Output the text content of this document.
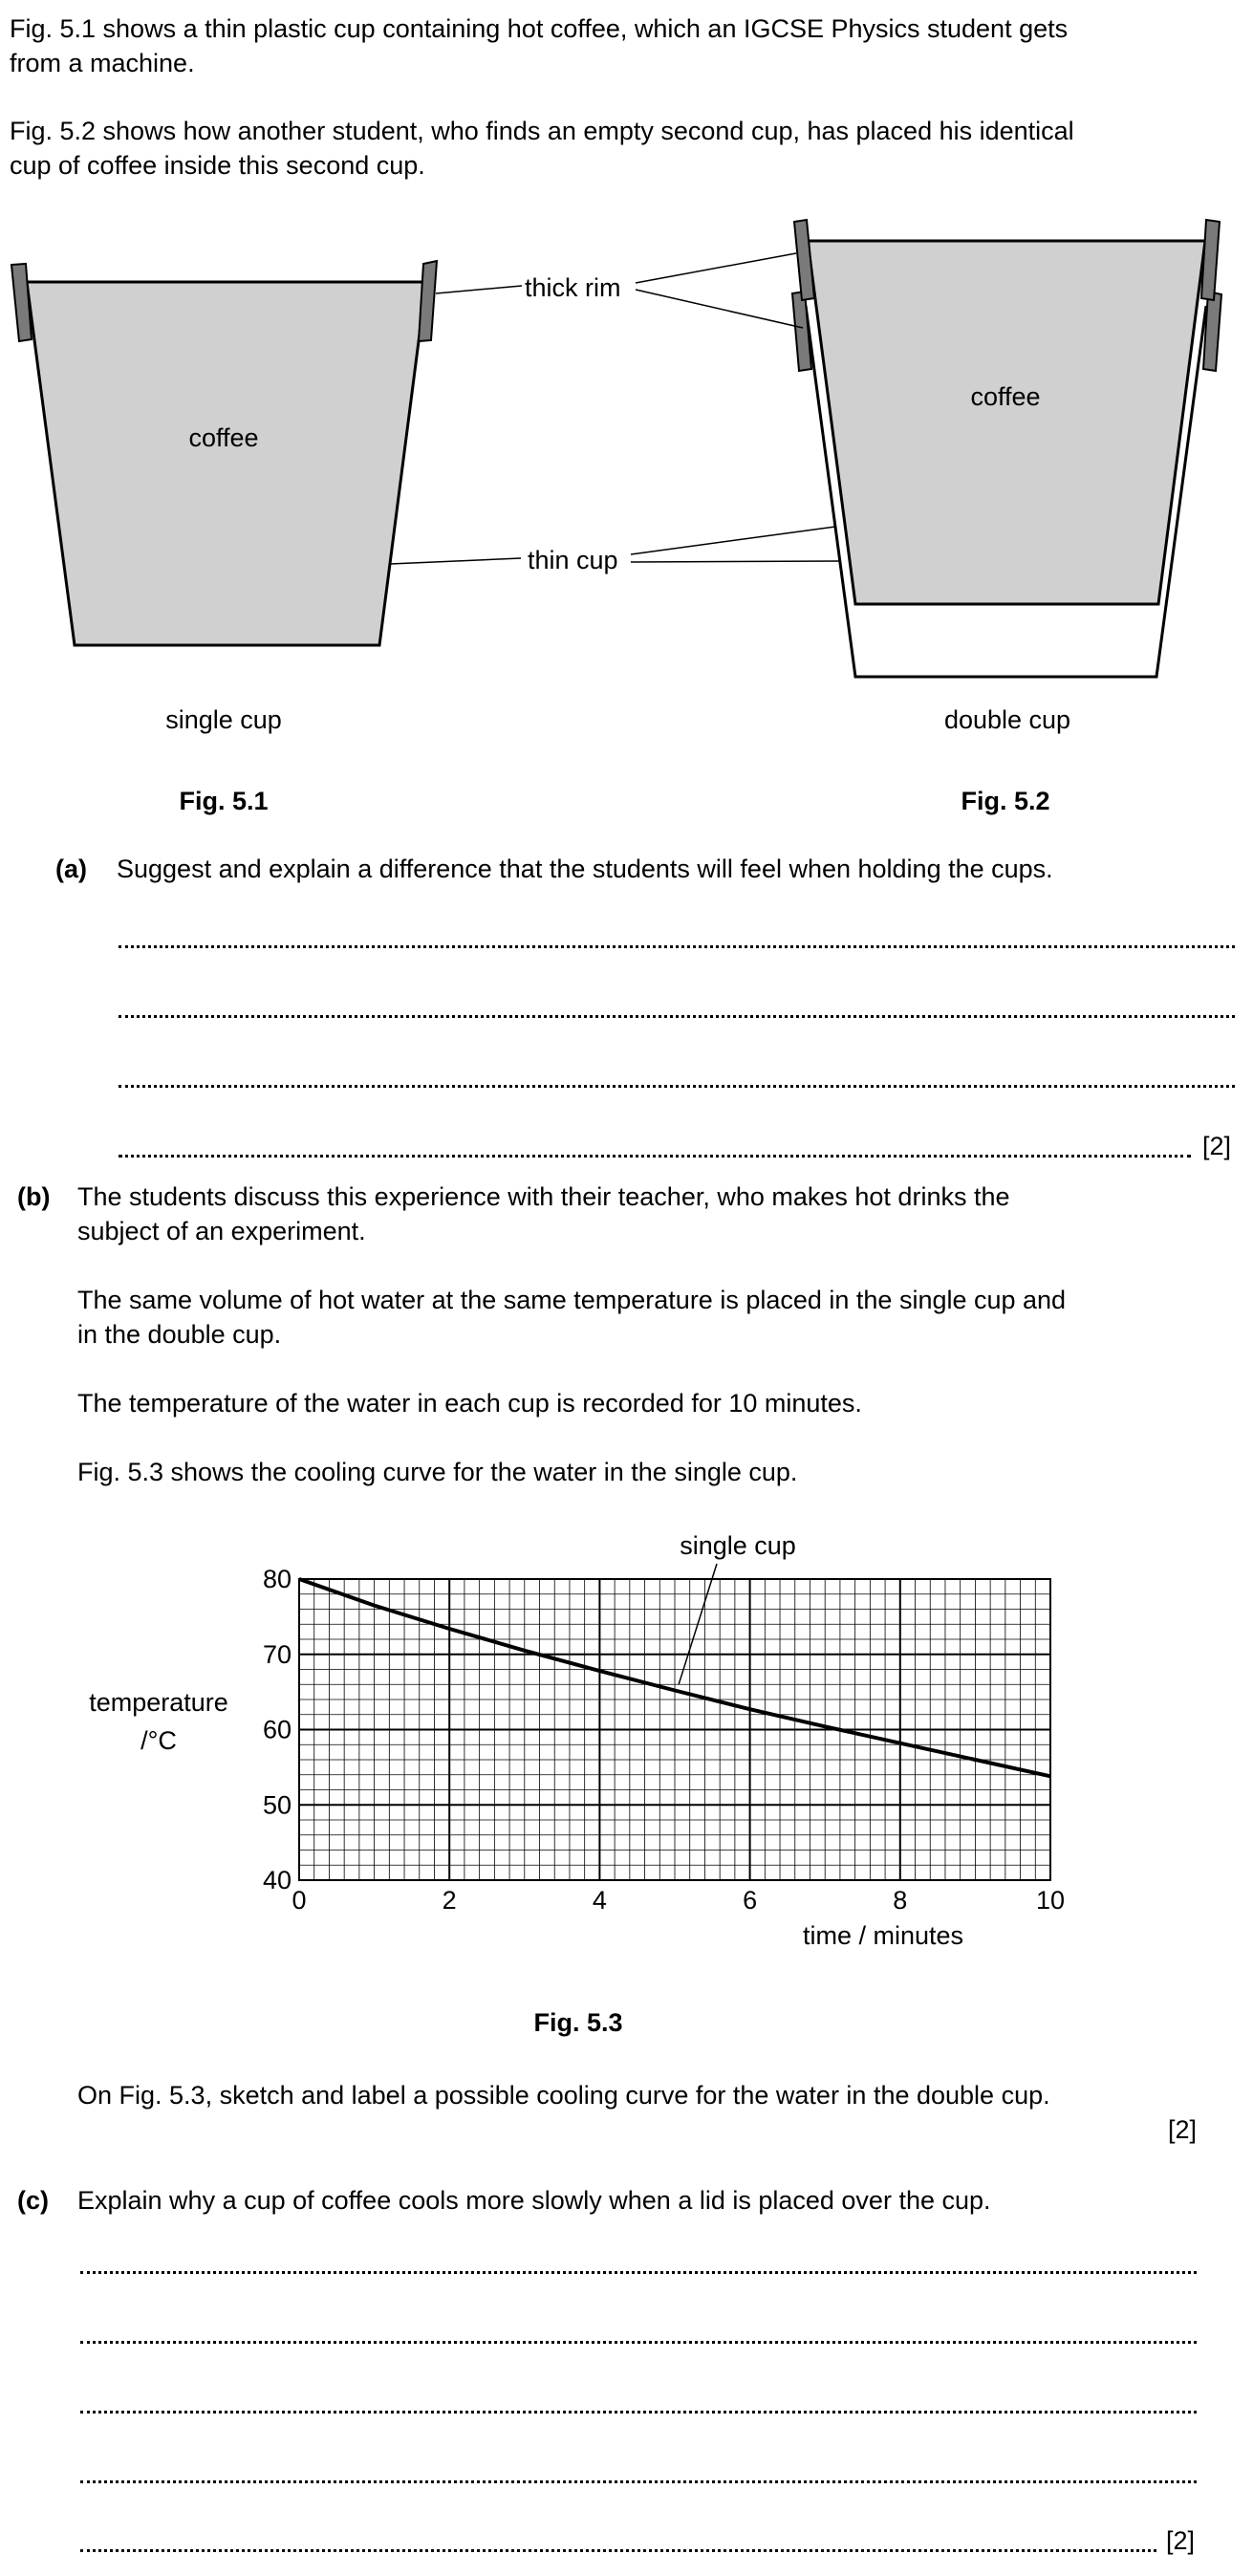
Fig. 5.1 shows a thin plastic cup containing hot coffee, which an IGCSE Physics student gets
from a machine.
Fig. 5.2 shows how another student, who finds an empty second cup, has placed his identical
cup of coffee inside this second cup.
coffee
coffee
thick rim
thin cup
single cup	double cup
Fig. 5.1	Fig. 5.2
(a) Suggest and explain a difference that the students will feel when holding the cups.
[2]
(b) The students discuss this experience with their teacher, who makes hot drinks the
subject of an experiment.
The same volume of hot water at the same temperature is placed in the single cup and
in the double cup.
The temperature of the water in each cup is recorded for 10 minutes.
Fig. 5.3 shows the cooling curve for the water in the single cup.
0	2	4	6	8	10
40
50
60
70
80
time / minutes
temperature
/°C
single cup
Fig. 5.3
On Fig. 5.3, sketch and label a possible cooling curve for the water in the double cup.
[2]
(c) Explain why a cup of coffee cools more slowly when a lid is placed over the cup.
[2]
